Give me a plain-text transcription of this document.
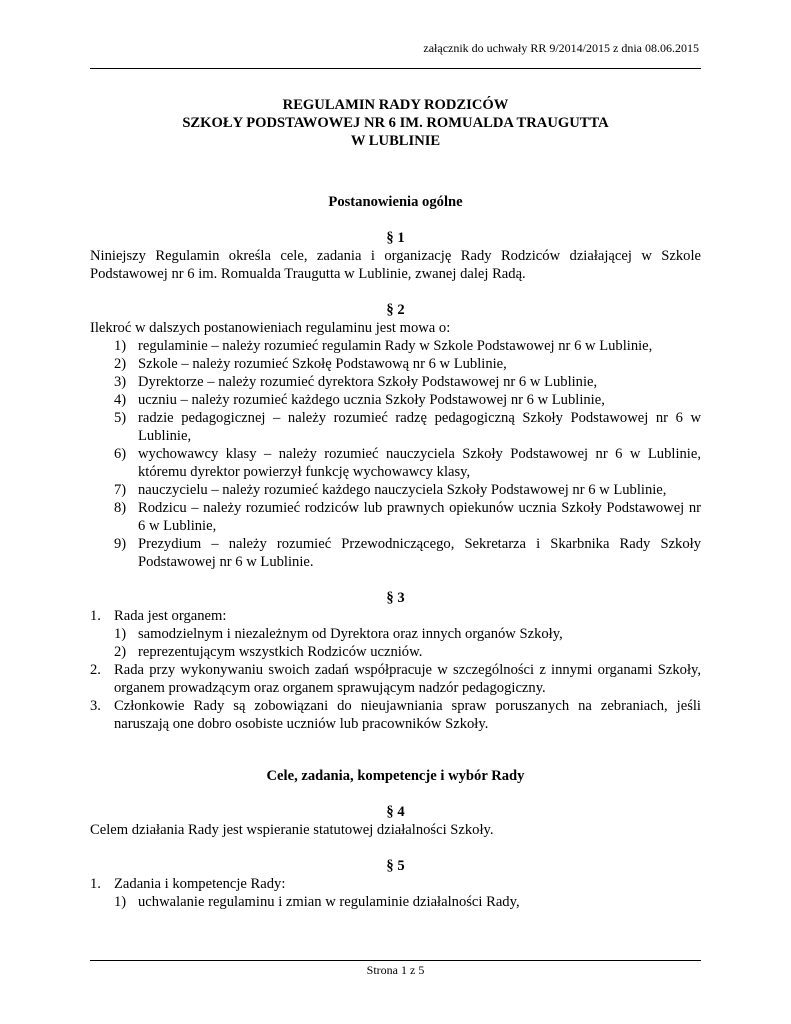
załącznik do uchwały RR 9/2014/2015 z dnia 08.06.2015
REGULAMIN RADY RODZICÓW
SZKOŁY PODSTAWOWEJ NR 6 IM. ROMUALDA TRAUGUTTA
W LUBLINIE
Postanowienia ogólne
§ 1
Niniejszy Regulamin określa cele, zadania i organizację Rady Rodziców działającej w Szkole Podstawowej nr 6 im. Romualda Traugutta w Lublinie, zwanej dalej Radą.
§ 2
Ilekroć w dalszych postanowieniach regulaminu jest mowa o:
1) regulaminie – należy rozumieć regulamin Rady w Szkole Podstawowej nr 6 w Lublinie,
2) Szkole – należy rozumieć Szkołę Podstawową nr 6 w Lublinie,
3) Dyrektorze – należy rozumieć dyrektora Szkoły Podstawowej nr 6 w Lublinie,
4) uczniu – należy rozumieć każdego ucznia Szkoły Podstawowej nr 6 w Lublinie,
5) radzie pedagogicznej – należy rozumieć radzę pedagogiczną Szkoły Podstawowej nr 6 w Lublinie,
6) wychowawcy klasy – należy rozumieć nauczyciela Szkoły Podstawowej nr 6 w Lublinie, któremu dyrektor powierzył funkcję wychowawcy klasy,
7) nauczycielu – należy rozumieć każdego nauczyciela Szkoły Podstawowej nr 6 w Lublinie,
8) Rodzicu – należy rozumieć rodziców lub prawnych opiekunów ucznia Szkoły Podstawowej nr 6 w Lublinie,
9) Prezydium – należy rozumieć Przewodniczącego, Sekretarza i Skarbnika Rady Szkoły Podstawowej nr 6 w Lublinie.
§ 3
1. Rada jest organem:
1) samodzielnym i niezależnym od Dyrektora oraz innych organów Szkoły,
2) reprezentującym wszystkich Rodziców uczniów.
2. Rada przy wykonywaniu swoich zadań współpracuje w szczególności z innymi organami Szkoły, organem prowadzącym oraz organem sprawującym nadzór pedagogiczny.
3. Członkowie Rady są zobowiązani do nieujawniania spraw poruszanych na zebraniach, jeśli naruszają one dobro osobiste uczniów lub pracowników Szkoły.
Cele, zadania, kompetencje i wybór Rady
§ 4
Celem działania Rady jest wspieranie statutowej działalności Szkoły.
§ 5
1. Zadania i kompetencje Rady:
1) uchwalanie regulaminu i zmian w regulaminie działalności Rady,
Strona 1 z 5
